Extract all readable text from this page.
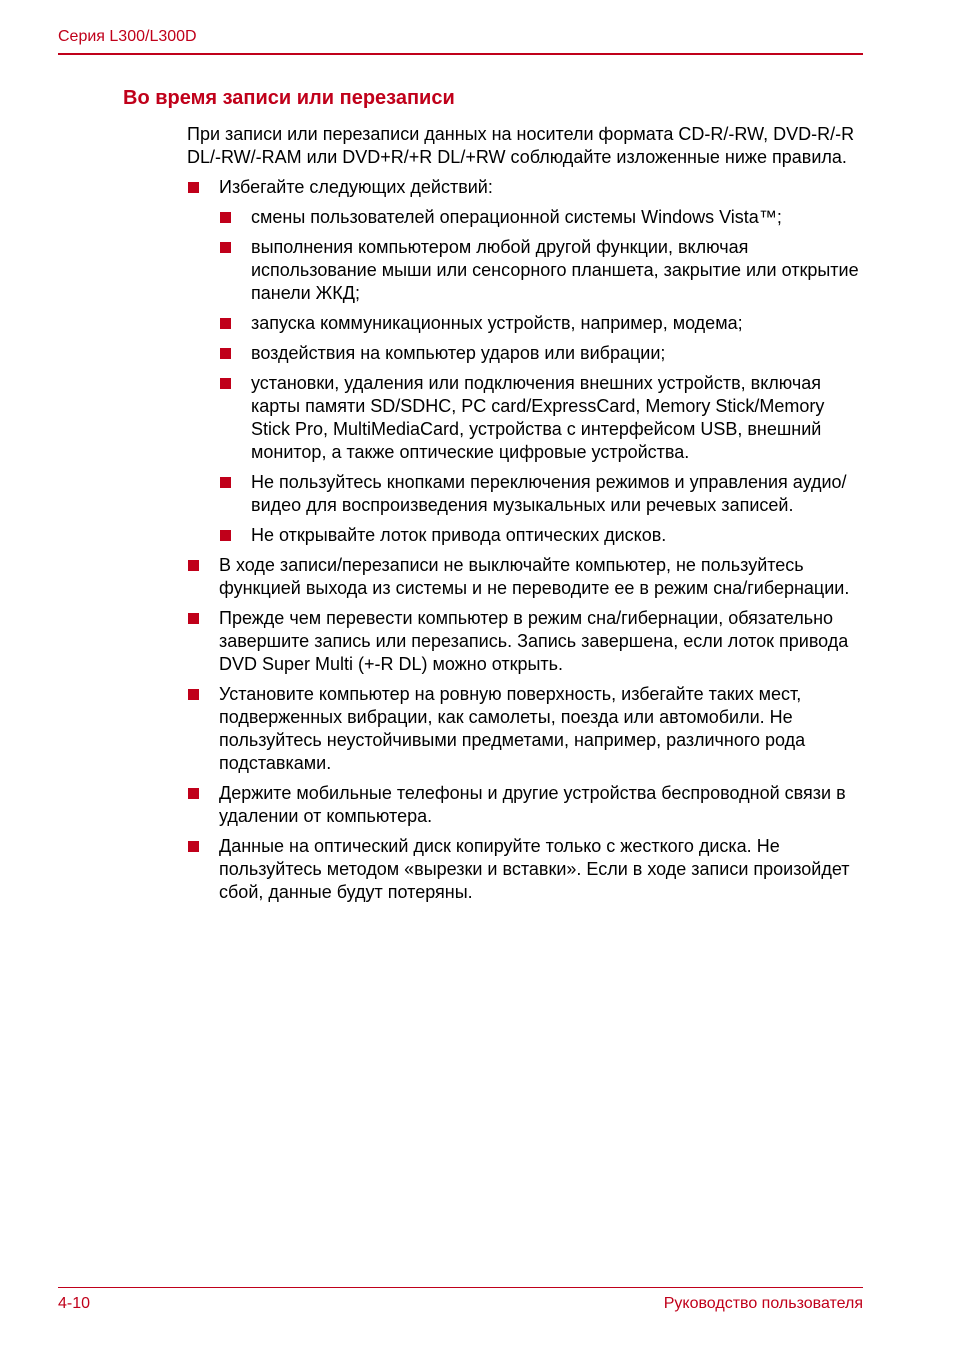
Серия L300/L300D
Во время записи или перезаписи

При записи или перезаписи данных на носители формата CD-R/-RW, DVD-R/-R DL/-RW/-RAM или DVD+R/+R DL/+RW соблюдайте изложенные ниже правила.

Избегайте следующих действий:
смены пользователей операционной системы Windows Vista™;
выполнения компьютером любой другой функции, включая использование мыши или сенсорного планшета, закрытие или открытие панели ЖКД;
запуска коммуникационных устройств, например, модема;
воздействия на компьютер ударов или вибрации;
установки, удаления или подключения внешних устройств, включая карты памяти SD/SDHC, PC card/ExpressCard, Memory Stick/Memory Stick Pro, MultiMediaCard, устройства с интерфейсом USB, внешний монитор, а также оптические цифровые устройства.
Не пользуйтесь кнопками переключения режимов и управления аудио/видео для воспроизведения музыкальных или речевых записей.
Не открывайте лоток привода оптических дисков.
В ходе записи/перезаписи не выключайте компьютер, не пользуйтесь функцией выхода из системы и не переводите ее в режим сна/гибернации.
Прежде чем перевести компьютер в режим сна/гибернации, обязательно завершите запись или перезапись. Запись завершена, если лоток привода DVD Super Multi (+-R DL) можно открыть.
Установите компьютер на ровную поверхность, избегайте таких мест, подверженных вибрации, как самолеты, поезда или автомобили. Не пользуйтесь неустойчивыми предметами, например, различного рода подставками.
Держите мобильные телефоны и другие устройства беспроводной связи в удалении от компьютера.
Данные на оптический диск копируйте только с жесткого диска. Не пользуйтесь методом «вырезки и вставки». Если в ходе записи произойдет сбой, данные будут потеряны.
4-10	Руководство пользователя
